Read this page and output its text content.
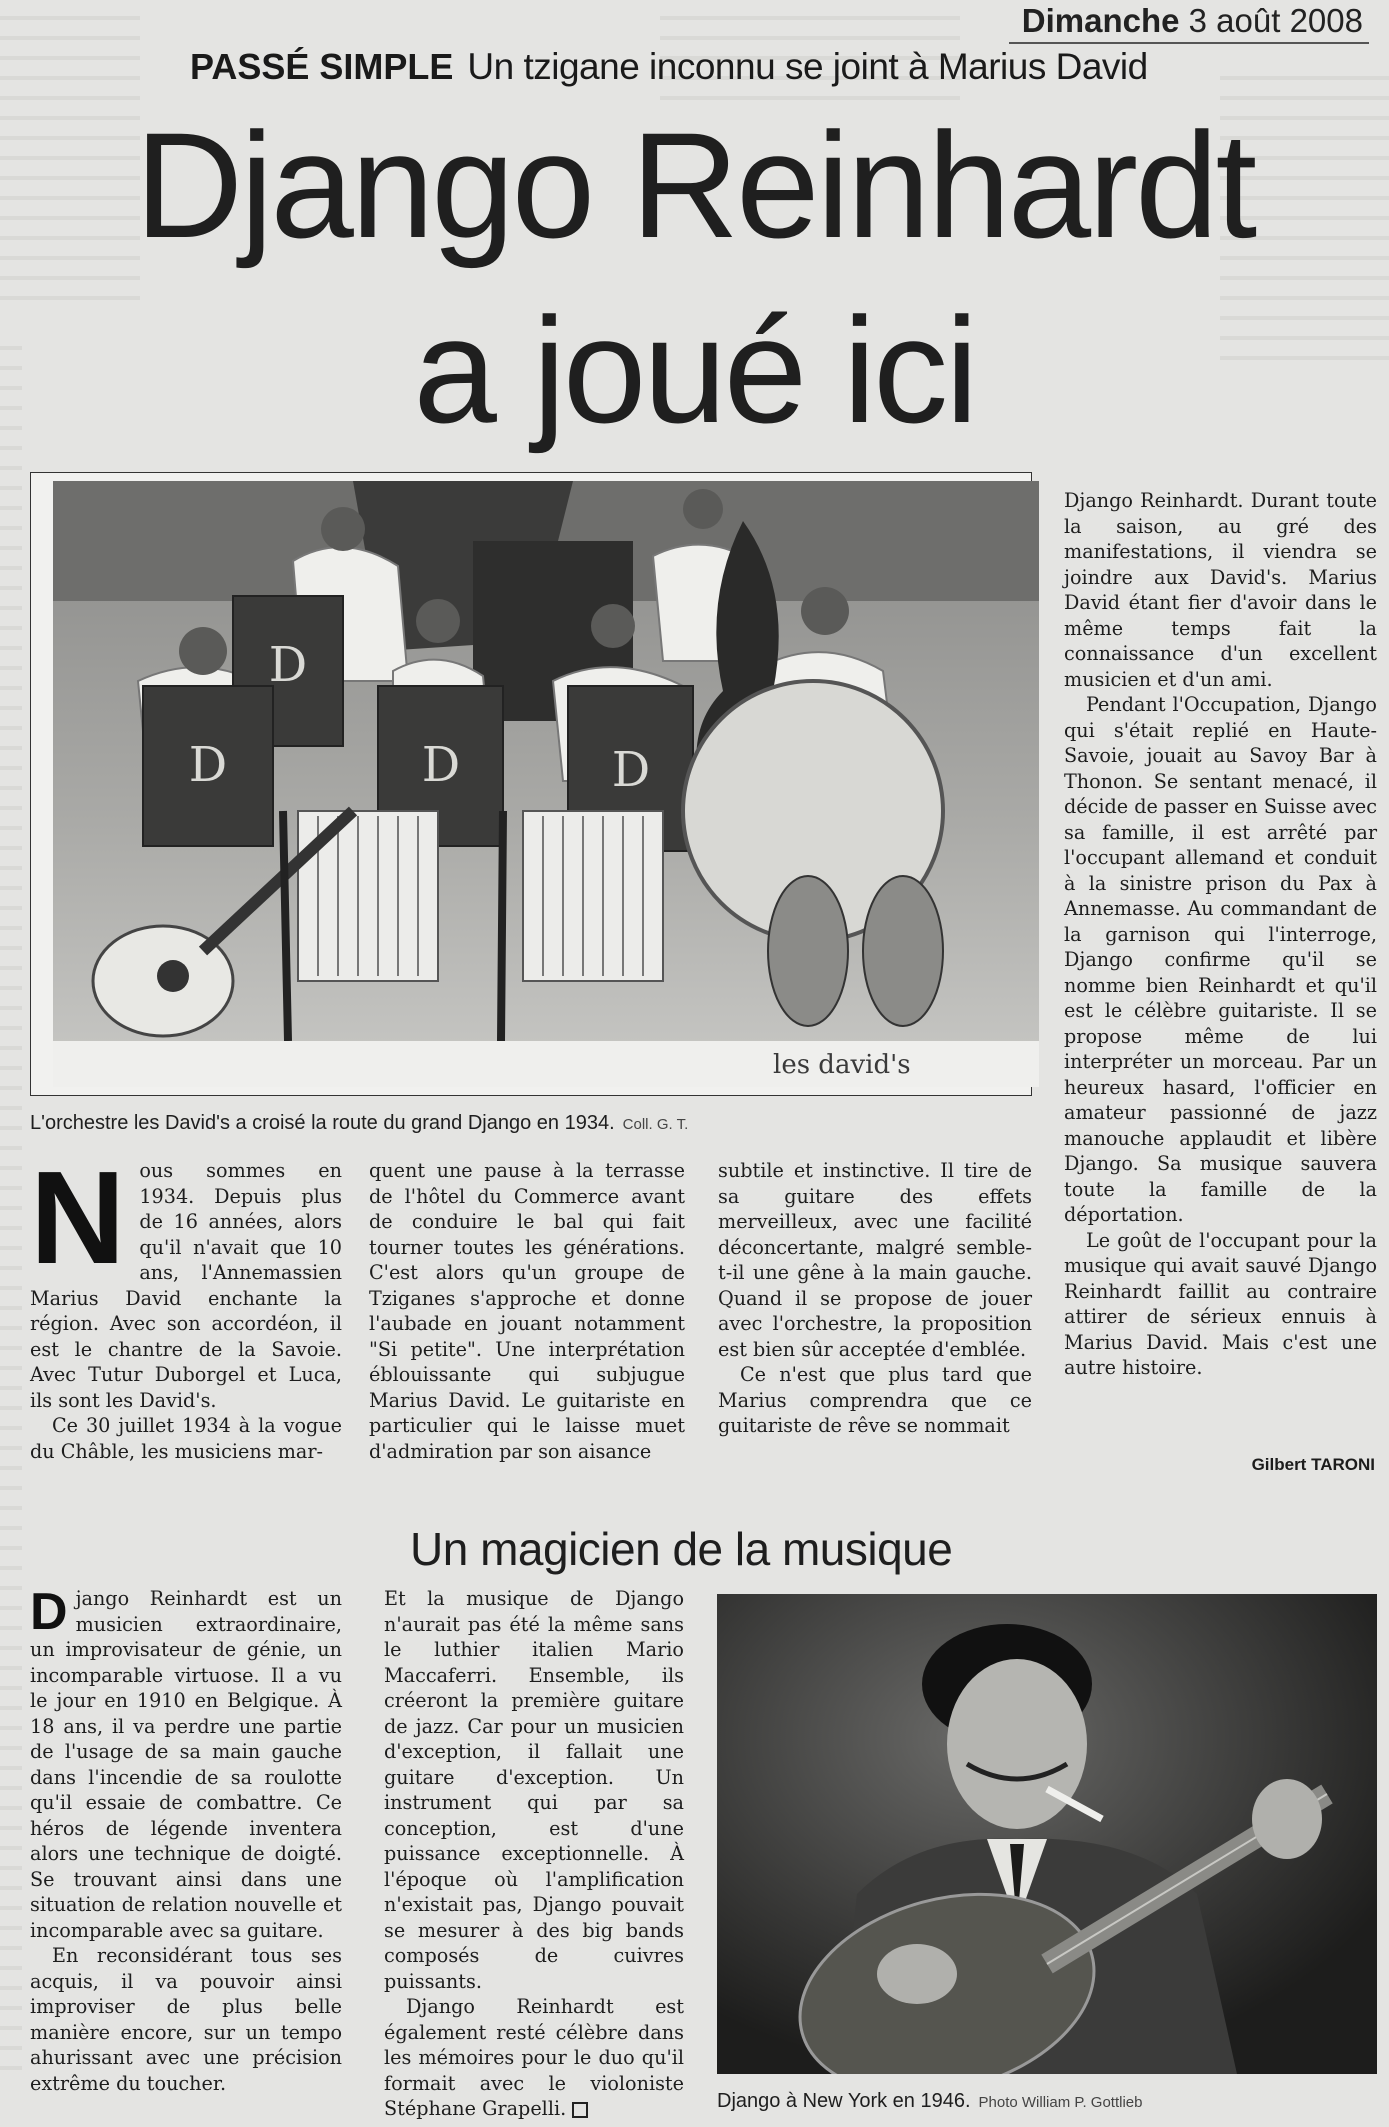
Dimanche 3 août 2008
PASSÉ SIMPLE Un tzigane inconnu se joint à Marius David
Django Reinhardt
a joué ici
D
D	D	D
les david's
L'orchestre les David's a croisé la route du grand Django en 1934. Coll. G. T.
N ous sommes en 1934. Depuis plus de 16 années, alors qu'il n'avait que 10 ans, l'Annemassien Marius David enchante la région. Avec son accordéon, il est le chantre de la Savoie. Avec Tutur Duborgel et Luca, ils sont les David's.

Ce 30 juillet 1934 à la vogue du Châble, les musiciens mar-

quent une pause à la terrasse de l'hôtel du Commerce avant de conduire le bal qui fait tourner toutes les générations. C'est alors qu'un groupe de Tziganes s'approche et donne l'aubade en jouant notamment "Si petite". Une interprétation éblouissante qui subjugue Marius David. Le guitariste en particulier qui le laisse muet d'admiration par son aisance

subtile et instinctive. Il tire de sa guitare des effets merveilleux, avec une facilité déconcertante, malgré semble-t-il une gêne à la main gauche. Quand il se propose de jouer avec l'orchestre, la proposition est bien sûr acceptée d'emblée.

Ce n'est que plus tard que Marius comprendra que ce guitariste de rêve se nommait

Django Reinhardt. Durant toute la saison, au gré des manifestations, il viendra se joindre aux David's. Marius David étant fier d'avoir dans le même temps fait la connaissance d'un excellent musicien et d'un ami.

Pendant l'Occupation, Django qui s'était replié en Haute-Savoie, jouait au Savoy Bar à Thonon. Se sentant menacé, il décide de passer en Suisse avec sa famille, il est arrêté par l'occupant allemand et conduit à la sinistre prison du Pax à Annemasse. Au commandant de la garnison qui l'interroge, Django confirme qu'il se nomme bien Reinhardt et qu'il est le célèbre guitariste. Il se propose même de lui interpréter un morceau. Par un heureux hasard, l'officier en amateur passionné de jazz manouche applaudit et libère Django. Sa musique sauvera toute la famille de la déportation.

Le goût de l'occupant pour la musique qui avait sauvé Django Reinhardt faillit au contraire attirer de sérieux ennuis à Marius David. Mais c'est une autre histoire.

Gilbert TARONI
Un magicien de la musique
D jango Reinhardt est un musicien extraordinaire, un improvisateur de génie, un incomparable virtuose. Il a vu le jour en 1910 en Belgique. À 18 ans, il va perdre une partie de l'usage de sa main gauche dans l'incendie de sa roulotte qu'il essaie de combattre. Ce héros de légende inventera alors une technique de doigté. Se trouvant ainsi dans une situation de relation nouvelle et incomparable avec sa guitare.

En reconsidérant tous ses acquis, il va pouvoir ainsi improviser de plus belle manière encore, sur un tempo ahurissant avec une précision extrême du toucher.

Et la musique de Django n'aurait pas été la même sans le luthier italien Mario Maccaferri. Ensemble, ils créeront la première guitare de jazz. Car pour un musicien d'exception, il fallait une guitare d'exception. Un instrument qui par sa conception, est d'une puissance exceptionnelle. À l'époque où l'amplification n'existait pas, Django pouvait se mesurer à des big bands composés de cuivres puissants.

Django Reinhardt est également resté célèbre dans les mémoires pour le duo qu'il formait avec le violoniste Stéphane Grapelli.	Django à New York en 1946. Photo William P. Gottlieb
